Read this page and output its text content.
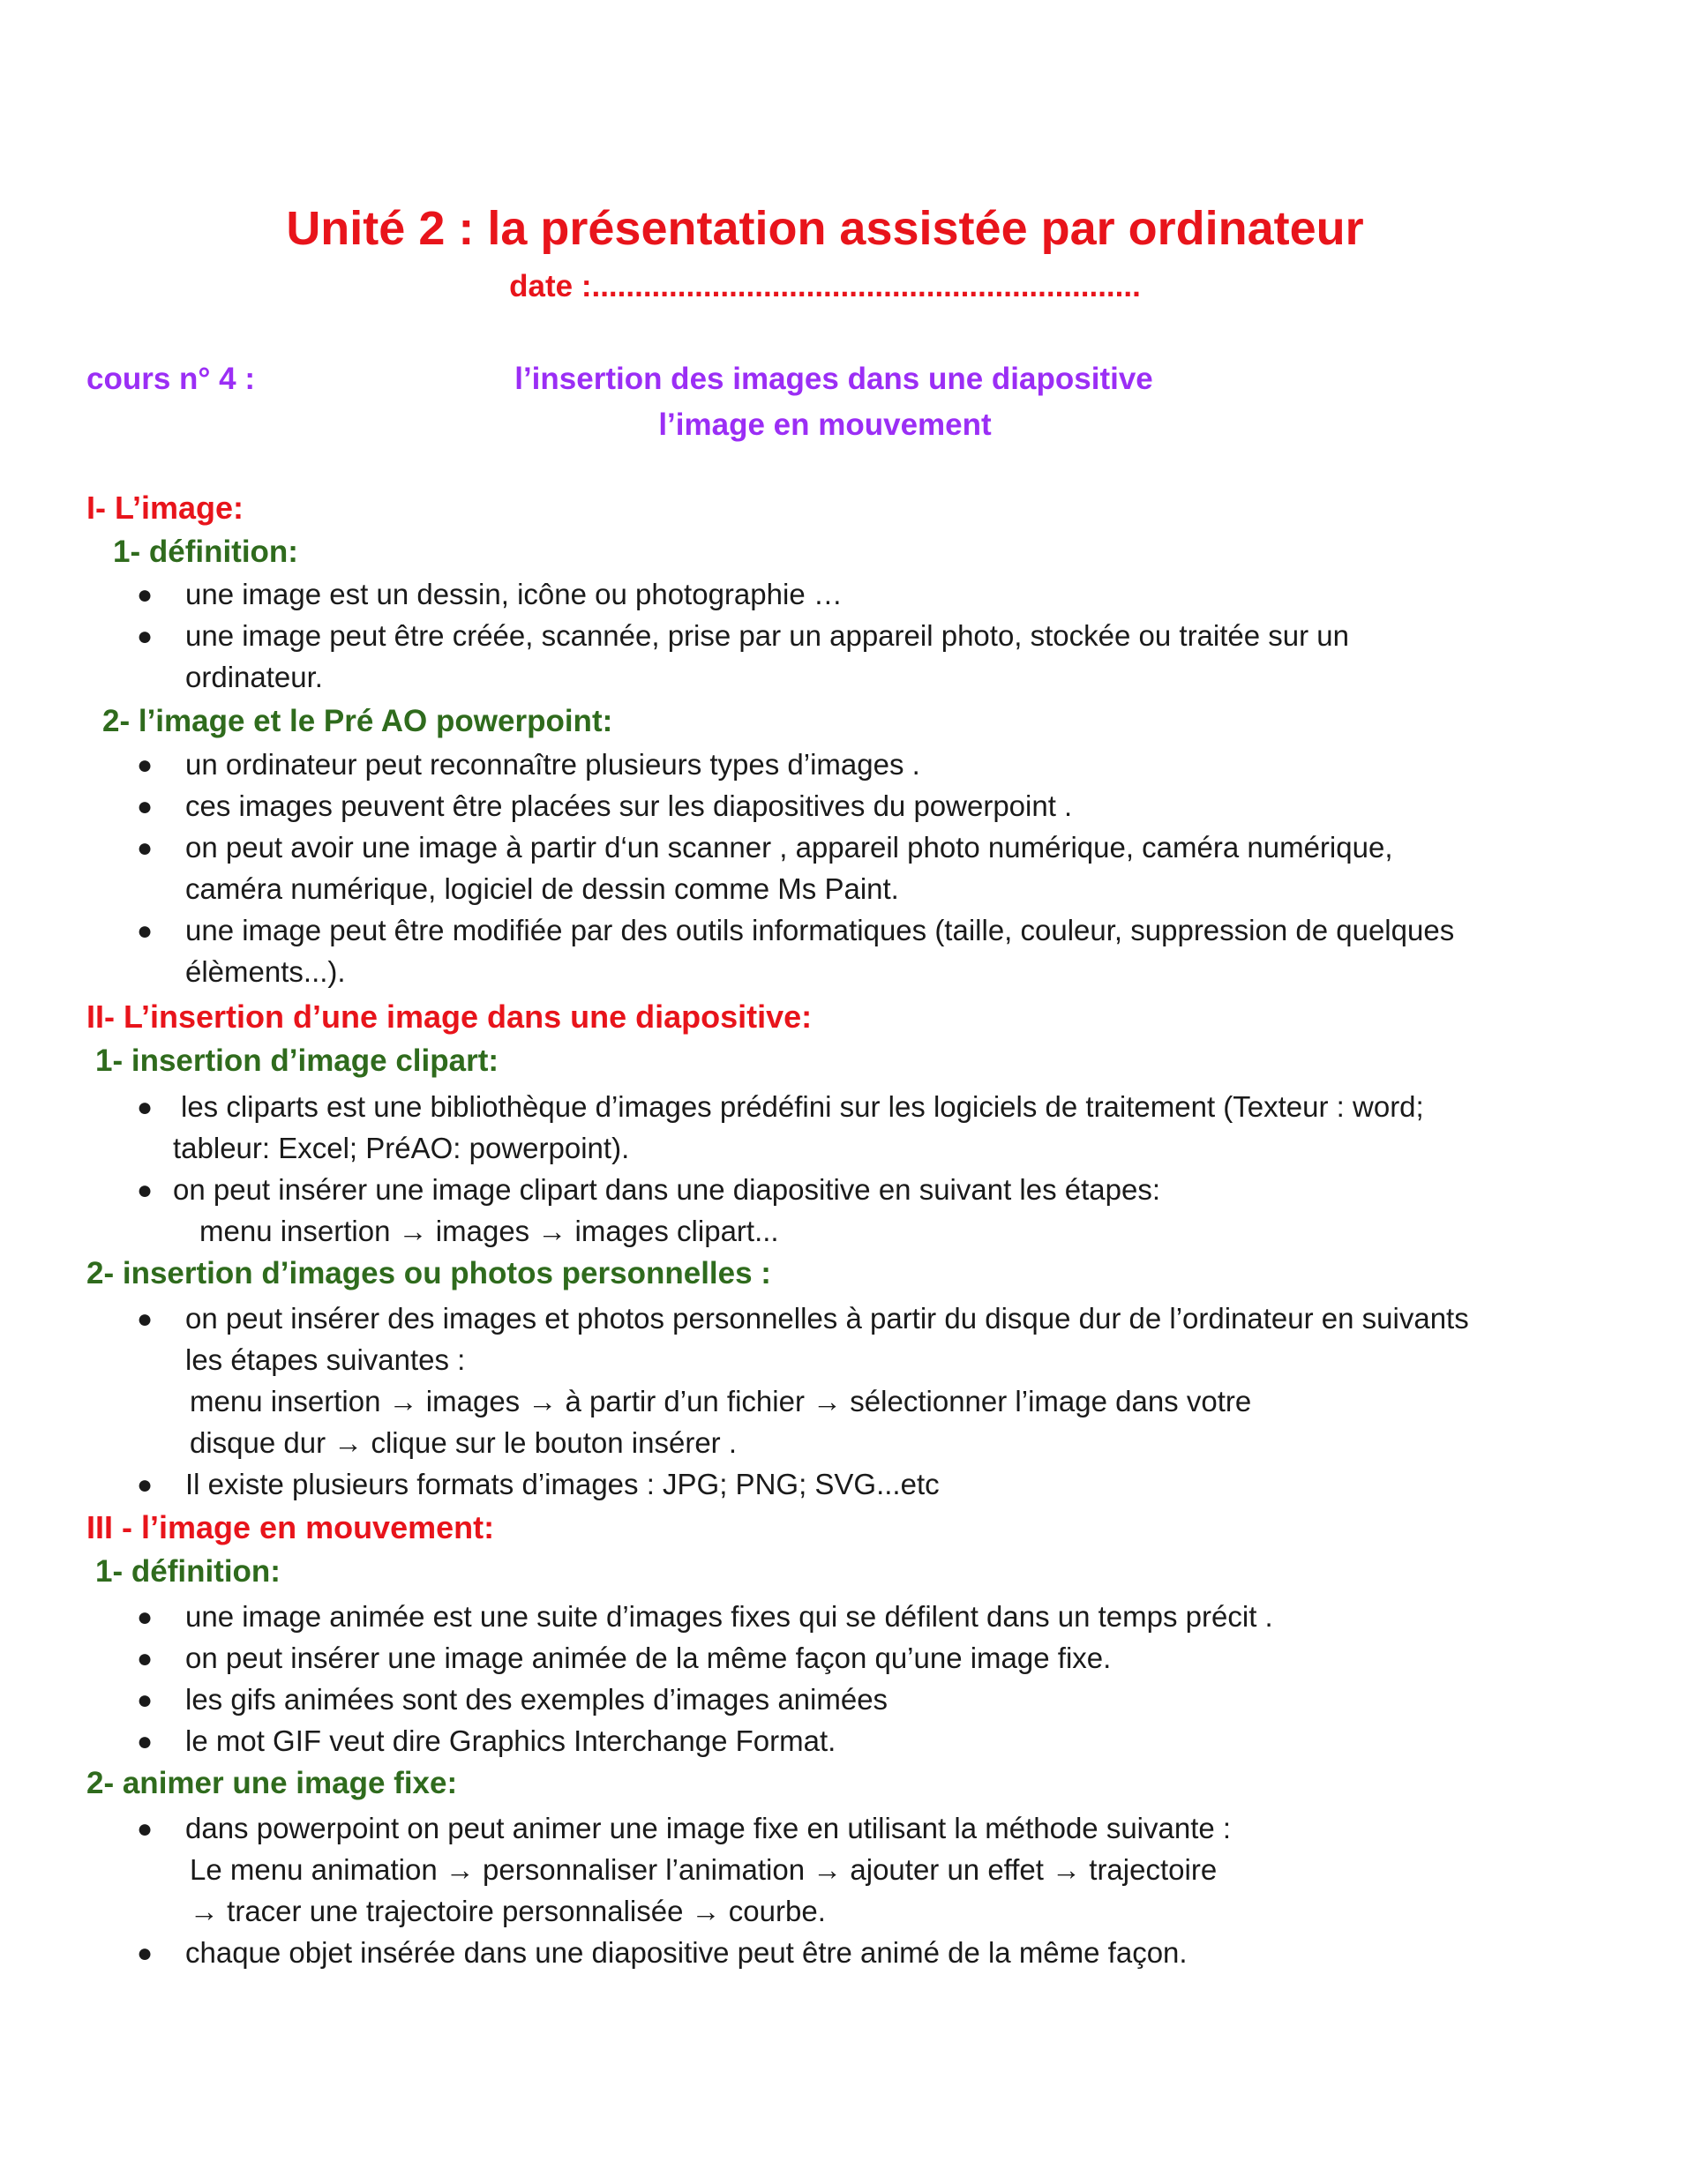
Unité 2 : la présentation assistée par ordinateur
date :................................................................
cours n° 4 :	l’insertion des images dans une diapositive
l’image en mouvement
I- L’image:
1- définition:
● une image est un dessin, icône ou photographie …
● une image peut être créée, scannée, prise par un appareil photo, stockée ou traitée sur un
ordinateur.
2- l’image et le Pré AO powerpoint:
● un ordinateur peut reconnaître plusieurs types d’images .
● ces images peuvent être placées sur les diapositives du powerpoint .
● on peut avoir une image à partir d‘un scanner , appareil photo numérique, caméra numérique,
caméra numérique, logiciel de dessin comme Ms Paint.
● une image peut être modifiée par des outils informatiques (taille, couleur, suppression de quelques
élèments...).
II- L’insertion d’une image dans une diapositive:
1- insertion d’image clipart:
● les cliparts est une bibliothèque d’images prédéfini sur les logiciels de traitement (Texteur : word;
tableur: Excel; PréAO: powerpoint).
● on peut insérer une image clipart dans une diapositive en suivant les étapes:
menu insertion → images → images clipart...
2- insertion d’images ou photos personnelles :
● on peut insérer des images et photos personnelles à partir du disque dur de l’ordinateur en suivants
les étapes suivantes :
menu insertion → images → à partir d’un fichier → sélectionner l’image dans votre
disque dur → clique sur le bouton insérer .
● Il existe plusieurs formats d’images : JPG; PNG; SVG...etc
III - l’image en mouvement:
1- définition:
● une image animée est une suite d’images fixes qui se défilent dans un temps précit .
● on peut insérer une image animée de la même façon qu’une image fixe.
● les gifs animées sont des exemples d’images animées
● le mot GIF veut dire Graphics Interchange Format.
2- animer une image fixe:
● dans powerpoint on peut animer une image fixe en utilisant la méthode suivante :
Le menu animation → personnaliser l’animation → ajouter un effet → trajectoire
→ tracer une trajectoire personnalisée → courbe.
● chaque objet insérée dans une diapositive peut être animé de la même façon.
